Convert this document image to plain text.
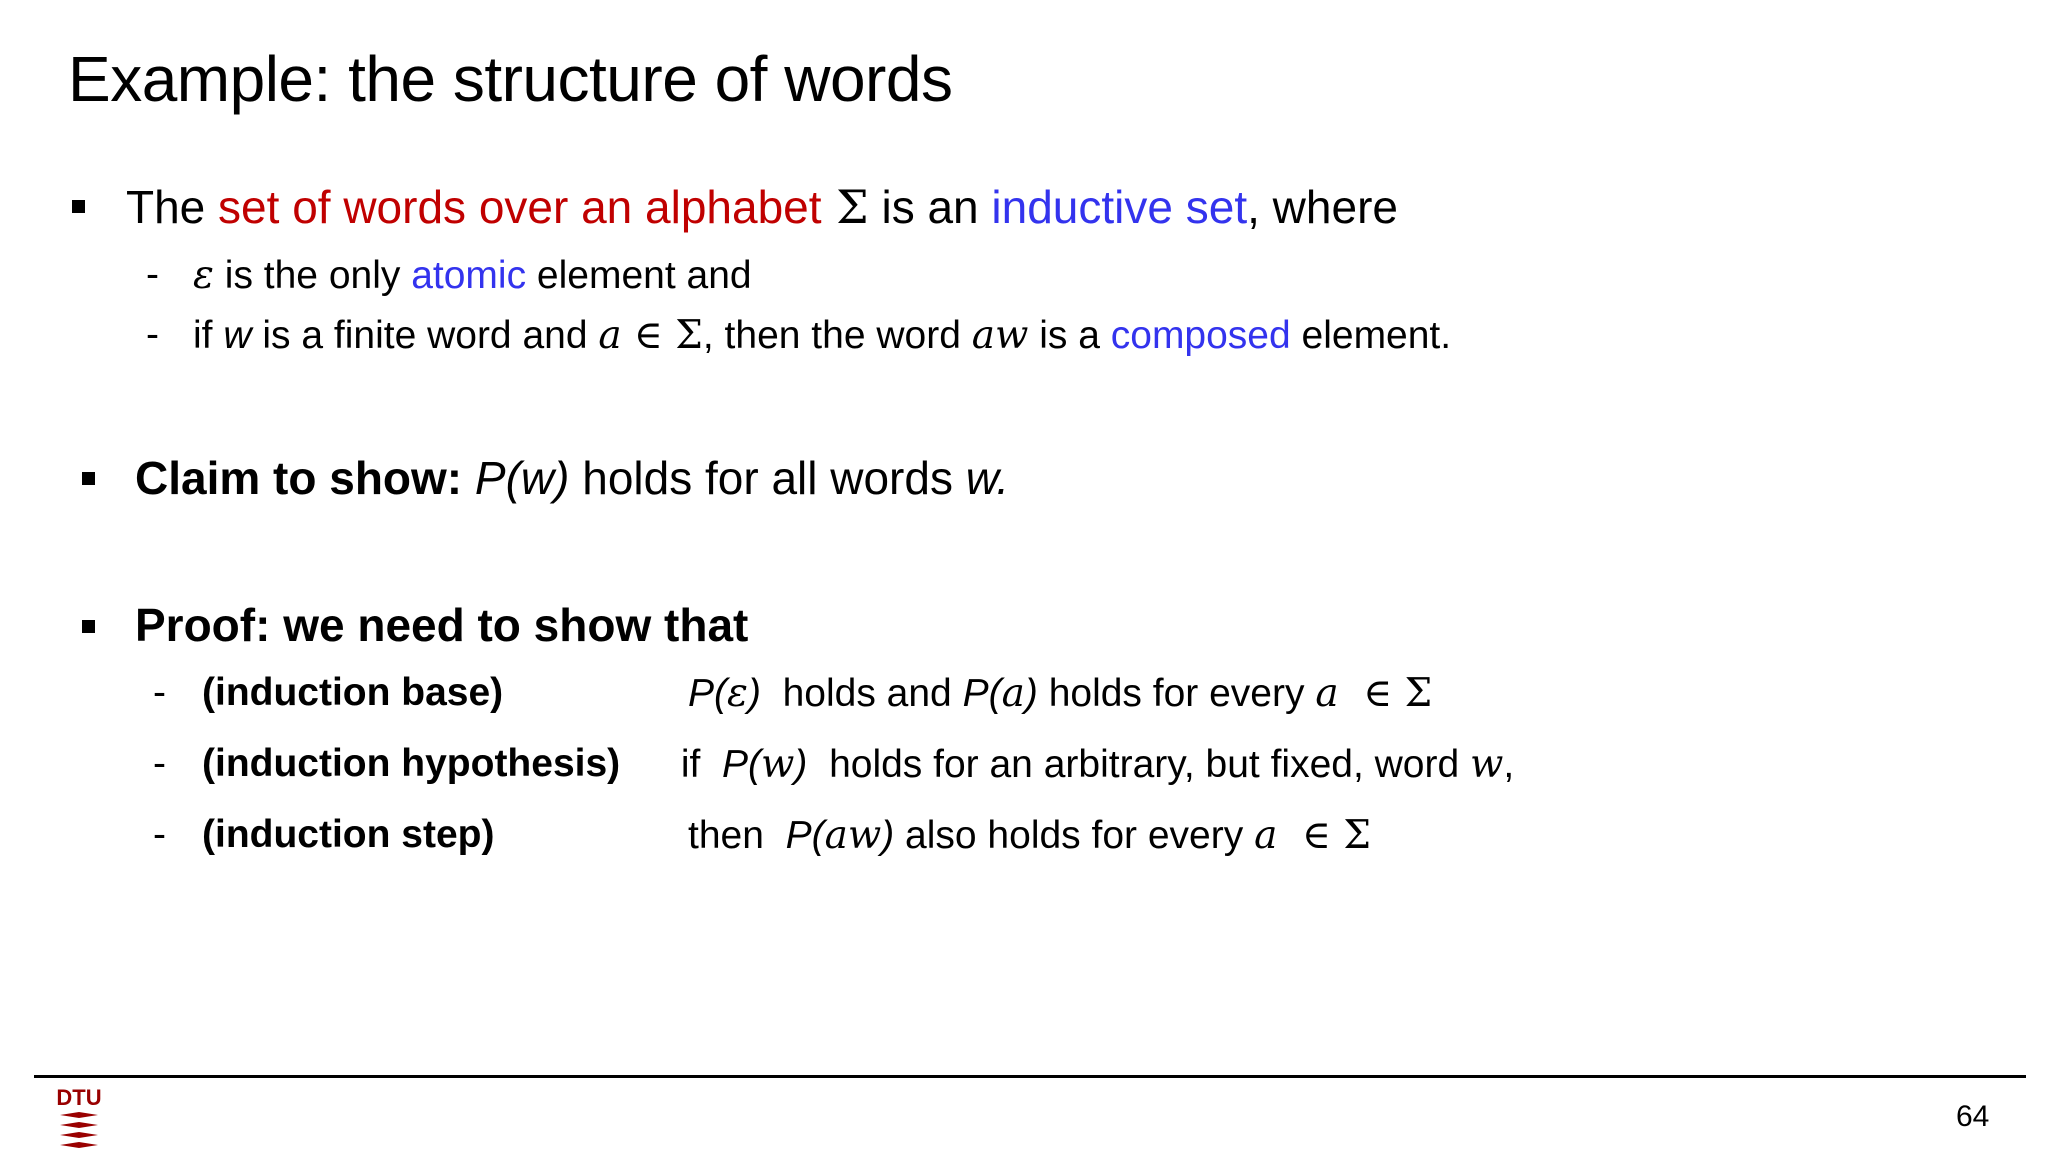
Example: the structure of words
The set of words over an alphabet Σ is an inductive set, where
- ε is the only atomic element and
- if w is a finite word and a ∈ Σ, then the word aw is a composed element.
Claim to show: P(w) holds for all words w.
Proof: we need to show that
- (induction base)	P(ε)  holds and P(a) holds for every a  ∈ Σ
- (induction hypothesis) if  P(w)  holds for an arbitrary, but fixed, word w,
- (induction step)	then  P(aw) also holds for every a  ∈ Σ
DTU
64
